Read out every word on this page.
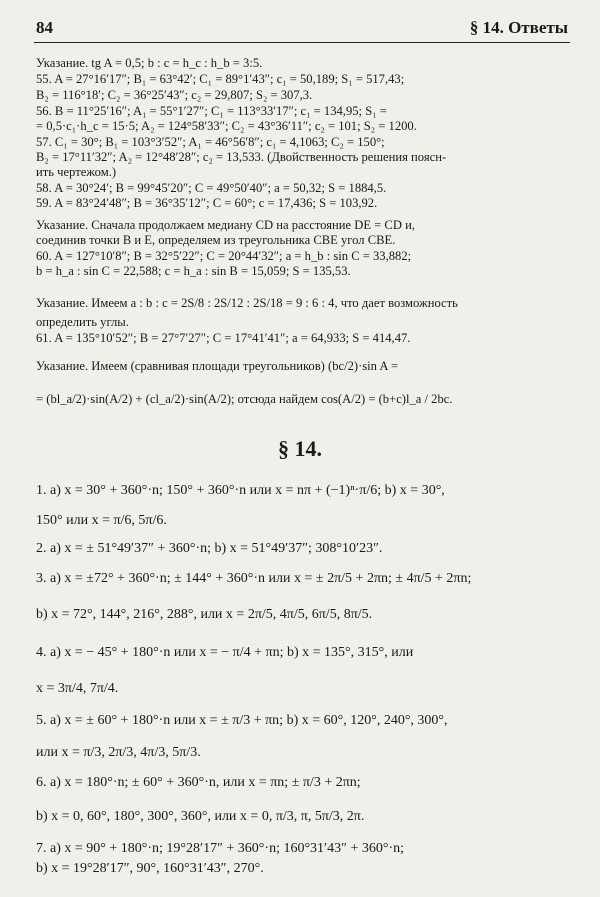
84	§ 14. Ответы
Указание. tg A = 0,5; b : c = h_c : h_b = 3:5.
55. A = 27°16′17″; B₁ = 63°42′; C₁ = 89°1′43″; c₁ = 50,189; S₁ = 517,43;
B₂ = 116°18′; C₂ = 36°25′43″; c₂ = 29,807; S₂ = 307,3.
56. B = 11°25′16″; A₁ = 55°1′27″; C₁ = 113°33′17″; c₁ = 134,95; S₁ =
= 0,5·c₁·h_c = 15·5; A₂ = 124°58′33″; C₂ = 43°36′11″; c₂ = 101; S₂ = 1200.
57. C₁ = 30°; B₁ = 103°3′52″; A₁ = 46°56′8″; c₁ = 4,1063; C₂ = 150°;
B₂ = 17°11′32″; A₂ = 12°48′28″; c₂ = 13,533. (Двойственность решения поясн-
ить чертежом.)
58. A = 30°24′; B = 99°45′20″; C = 49°50′40″; a = 50,32; S = 1884,5.
59. A = 83°24′48″; B = 36°35′12″; C = 60°; c = 17,436; S = 103,92.
Указание. Сначала продолжаем медиану CD на расстояние DE = CD и,
соединив точки B и E, определяем из треугольника CBE угол CBE.
60. A = 127°10′8″; B = 32°5′22″; C = 20°44′32″; a = h_b : sin C = 33,882;
b = h_a : sin C = 22,588; c = h_a : sin B = 15,059; S = 135,53.
Указание. Имеем a : b : c = 2S/8 : 2S/12 : 2S/18 = 9 : 6 : 4, что дает возможность
определить углы.
61. A = 135°10′52″; B = 27°7′27″; C = 17°41′41″; a = 64,933; S = 414,47.
Указание. Имеем (сравнивая площади треугольников) (bc/2)·sin A =
= (bl_a/2)·sin(A/2) + (cl_a/2)·sin(A/2); отсюда найдем cos(A/2) = (b+c)l_a / 2bc.
§ 14.
1. a) x = 30° + 360°·n; 150° + 360°·n или x = nπ + (−1)ⁿ·π/6; b) x = 30°,
150° или x = π/6, 5π/6.
2. a) x = ± 51°49′37″ + 360°·n; b) x = 51°49′37″; 308°10′23″.
3. a) x = ±72° + 360°·n; ± 144° + 360°·n или x = ± 2π/5 + 2πn; ± 4π/5 + 2πn;
b) x = 72°, 144°, 216°, 288°, или x = 2π/5, 4π/5, 6π/5, 8π/5.
4. a) x = − 45° + 180°·n или x = − π/4 + πn; b) x = 135°, 315°, или
x = 3π/4, 7π/4.
5. a) x = ± 60° + 180°·n или x = ± π/3 + πn; b) x = 60°, 120°, 240°, 300°,
или x = π/3, 2π/3, 4π/3, 5π/3.
6. a) x = 180°·n; ± 60° + 360°·n, или x = πn; ± π/3 + 2πn;
b) x = 0, 60°, 180°, 300°, 360°, или x = 0, π/3, π, 5π/3, 2π.
7. a) x = 90° + 180°·n; 19°28′17″ + 360°·n; 160°31′43″ + 360°·n;
b) x = 19°28′17″, 90°, 160°31′43″, 270°.
